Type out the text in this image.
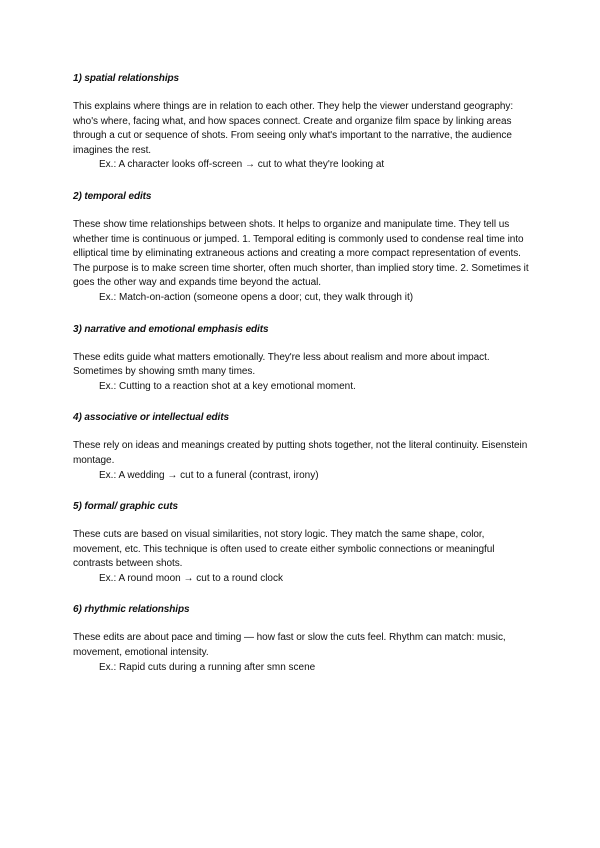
1) spatial relationships

This explains where things are in relation to each other. They help the viewer understand geography: who's where, facing what, and how spaces connect. Create and organize film space by linking areas through a cut or sequence of shots. From seeing only what's important to the narrative, the audience imagines the rest.

Ex.: A character looks off-screen → cut to what they're looking at

2) temporal edits

These show time relationships between shots. It helps to organize and manipulate time. They tell us whether time is continuous or jumped. 1. Temporal editing is commonly used to condense real time into elliptical time by eliminating extraneous actions and creating a more compact representation of events. The purpose is to make screen time shorter, often much shorter, than implied story time. 2. Sometimes it goes the other way and expands time beyond the actual.

Ex.: Match-on-action (someone opens a door; cut, they walk through it)

3) narrative and emotional emphasis edits

These edits guide what matters emotionally. They're less about realism and more about impact. Sometimes by showing smth many times.

Ex.: Cutting to a reaction shot at a key emotional moment.

4) associative or intellectual edits

These rely on ideas and meanings created by putting shots together, not the literal continuity. Eisenstein montage.

Ex.: A wedding → cut to a funeral (contrast, irony)

5) formal/ graphic cuts

These cuts are based on visual similarities, not story logic. They match the same shape, color, movement, etc. This technique is often used to create either symbolic connections or meaningful contrasts between shots.

Ex.: A round moon → cut to a round clock

6) rhythmic relationships

These edits are about pace and timing — how fast or slow the cuts feel. Rhythm can match: music, movement, emotional intensity.

Ex.: Rapid cuts during a running after smn scene
